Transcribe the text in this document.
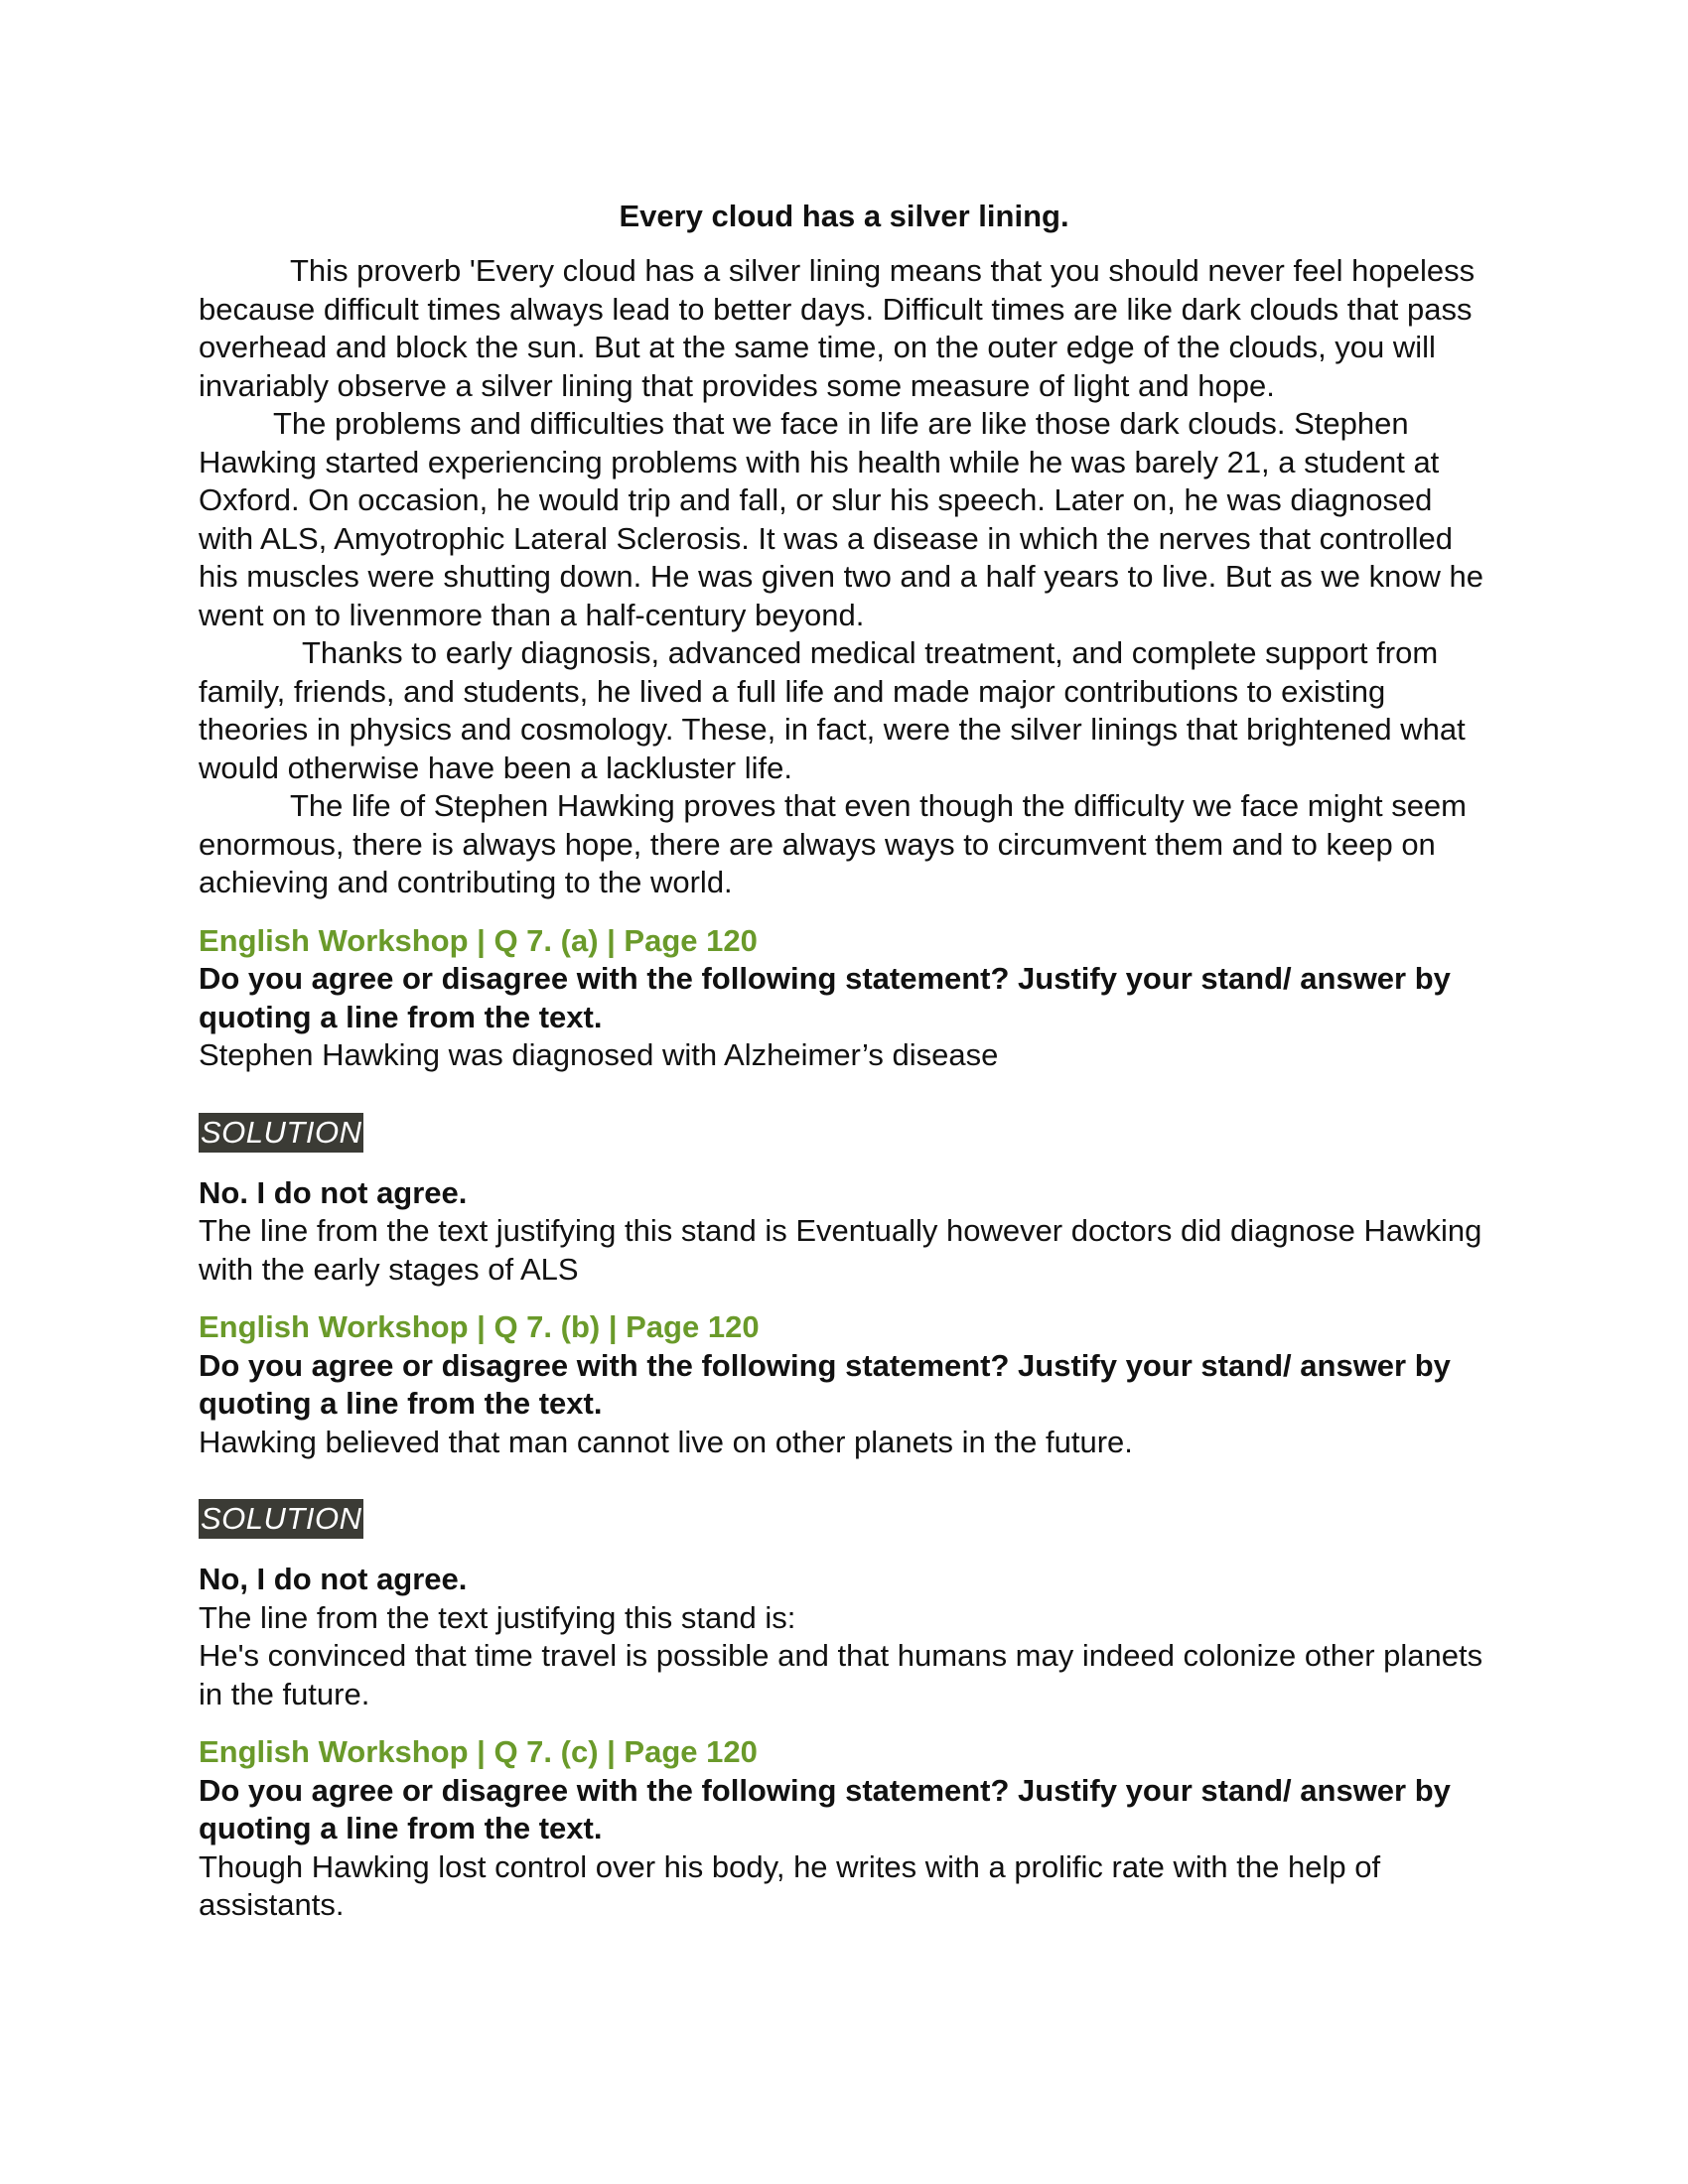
Every cloud has a silver lining.

This proverb 'Every cloud has a silver lining means that you should never feel hopeless because difficult times always lead to better days. Difficult times are like dark clouds that pass overhead and block the sun. But at the same time, on the outer edge of the clouds, you will invariably observe a silver lining that provides some measure of light and hope.

The problems and difficulties that we face in life are like those dark clouds. Stephen Hawking started experiencing problems with his health while he was barely 21, a student at Oxford. On occasion, he would trip and fall, or slur his speech. Later on, he was diagnosed with ALS, Amyotrophic Lateral Sclerosis. It was a disease in which the nerves that controlled his muscles were shutting down. He was given two and a half years to live. But as we know he went on to livenmore than a half-century beyond.

Thanks to early diagnosis, advanced medical treatment, and complete support from family, friends, and students, he lived a full life and made major contributions to existing theories in physics and cosmology. These, in fact, were the silver linings that brightened what would otherwise have been a lackluster life.

The life of Stephen Hawking proves that even though the difficulty we face might seem enormous, there is always hope, there are always ways to circumvent them and to keep on achieving and contributing to the world.

English Workshop | Q 7. (a) | Page 120
Do you agree or disagree with the following statement? Justify your stand/ answer by quoting a line from the text.
Stephen Hawking was diagnosed with Alzheimer’s disease
SOLUTION
No. I do not agree.
The line from the text justifying this stand is Eventually however doctors did diagnose Hawking with the early stages of ALS
English Workshop | Q 7. (b) | Page 120
Do you agree or disagree with the following statement? Justify your stand/ answer by quoting a line from the text.
Hawking believed that man cannot live on other planets in the future.
SOLUTION
No, I do not agree.
The line from the text justifying this stand is:
He's convinced that time travel is possible and that humans may indeed colonize other planets in the future.
English Workshop | Q 7. (c) | Page 120
Do you agree or disagree with the following statement? Justify your stand/ answer by quoting a line from the text.
Though Hawking lost control over his body, he writes with a prolific rate with the help of assistants.
